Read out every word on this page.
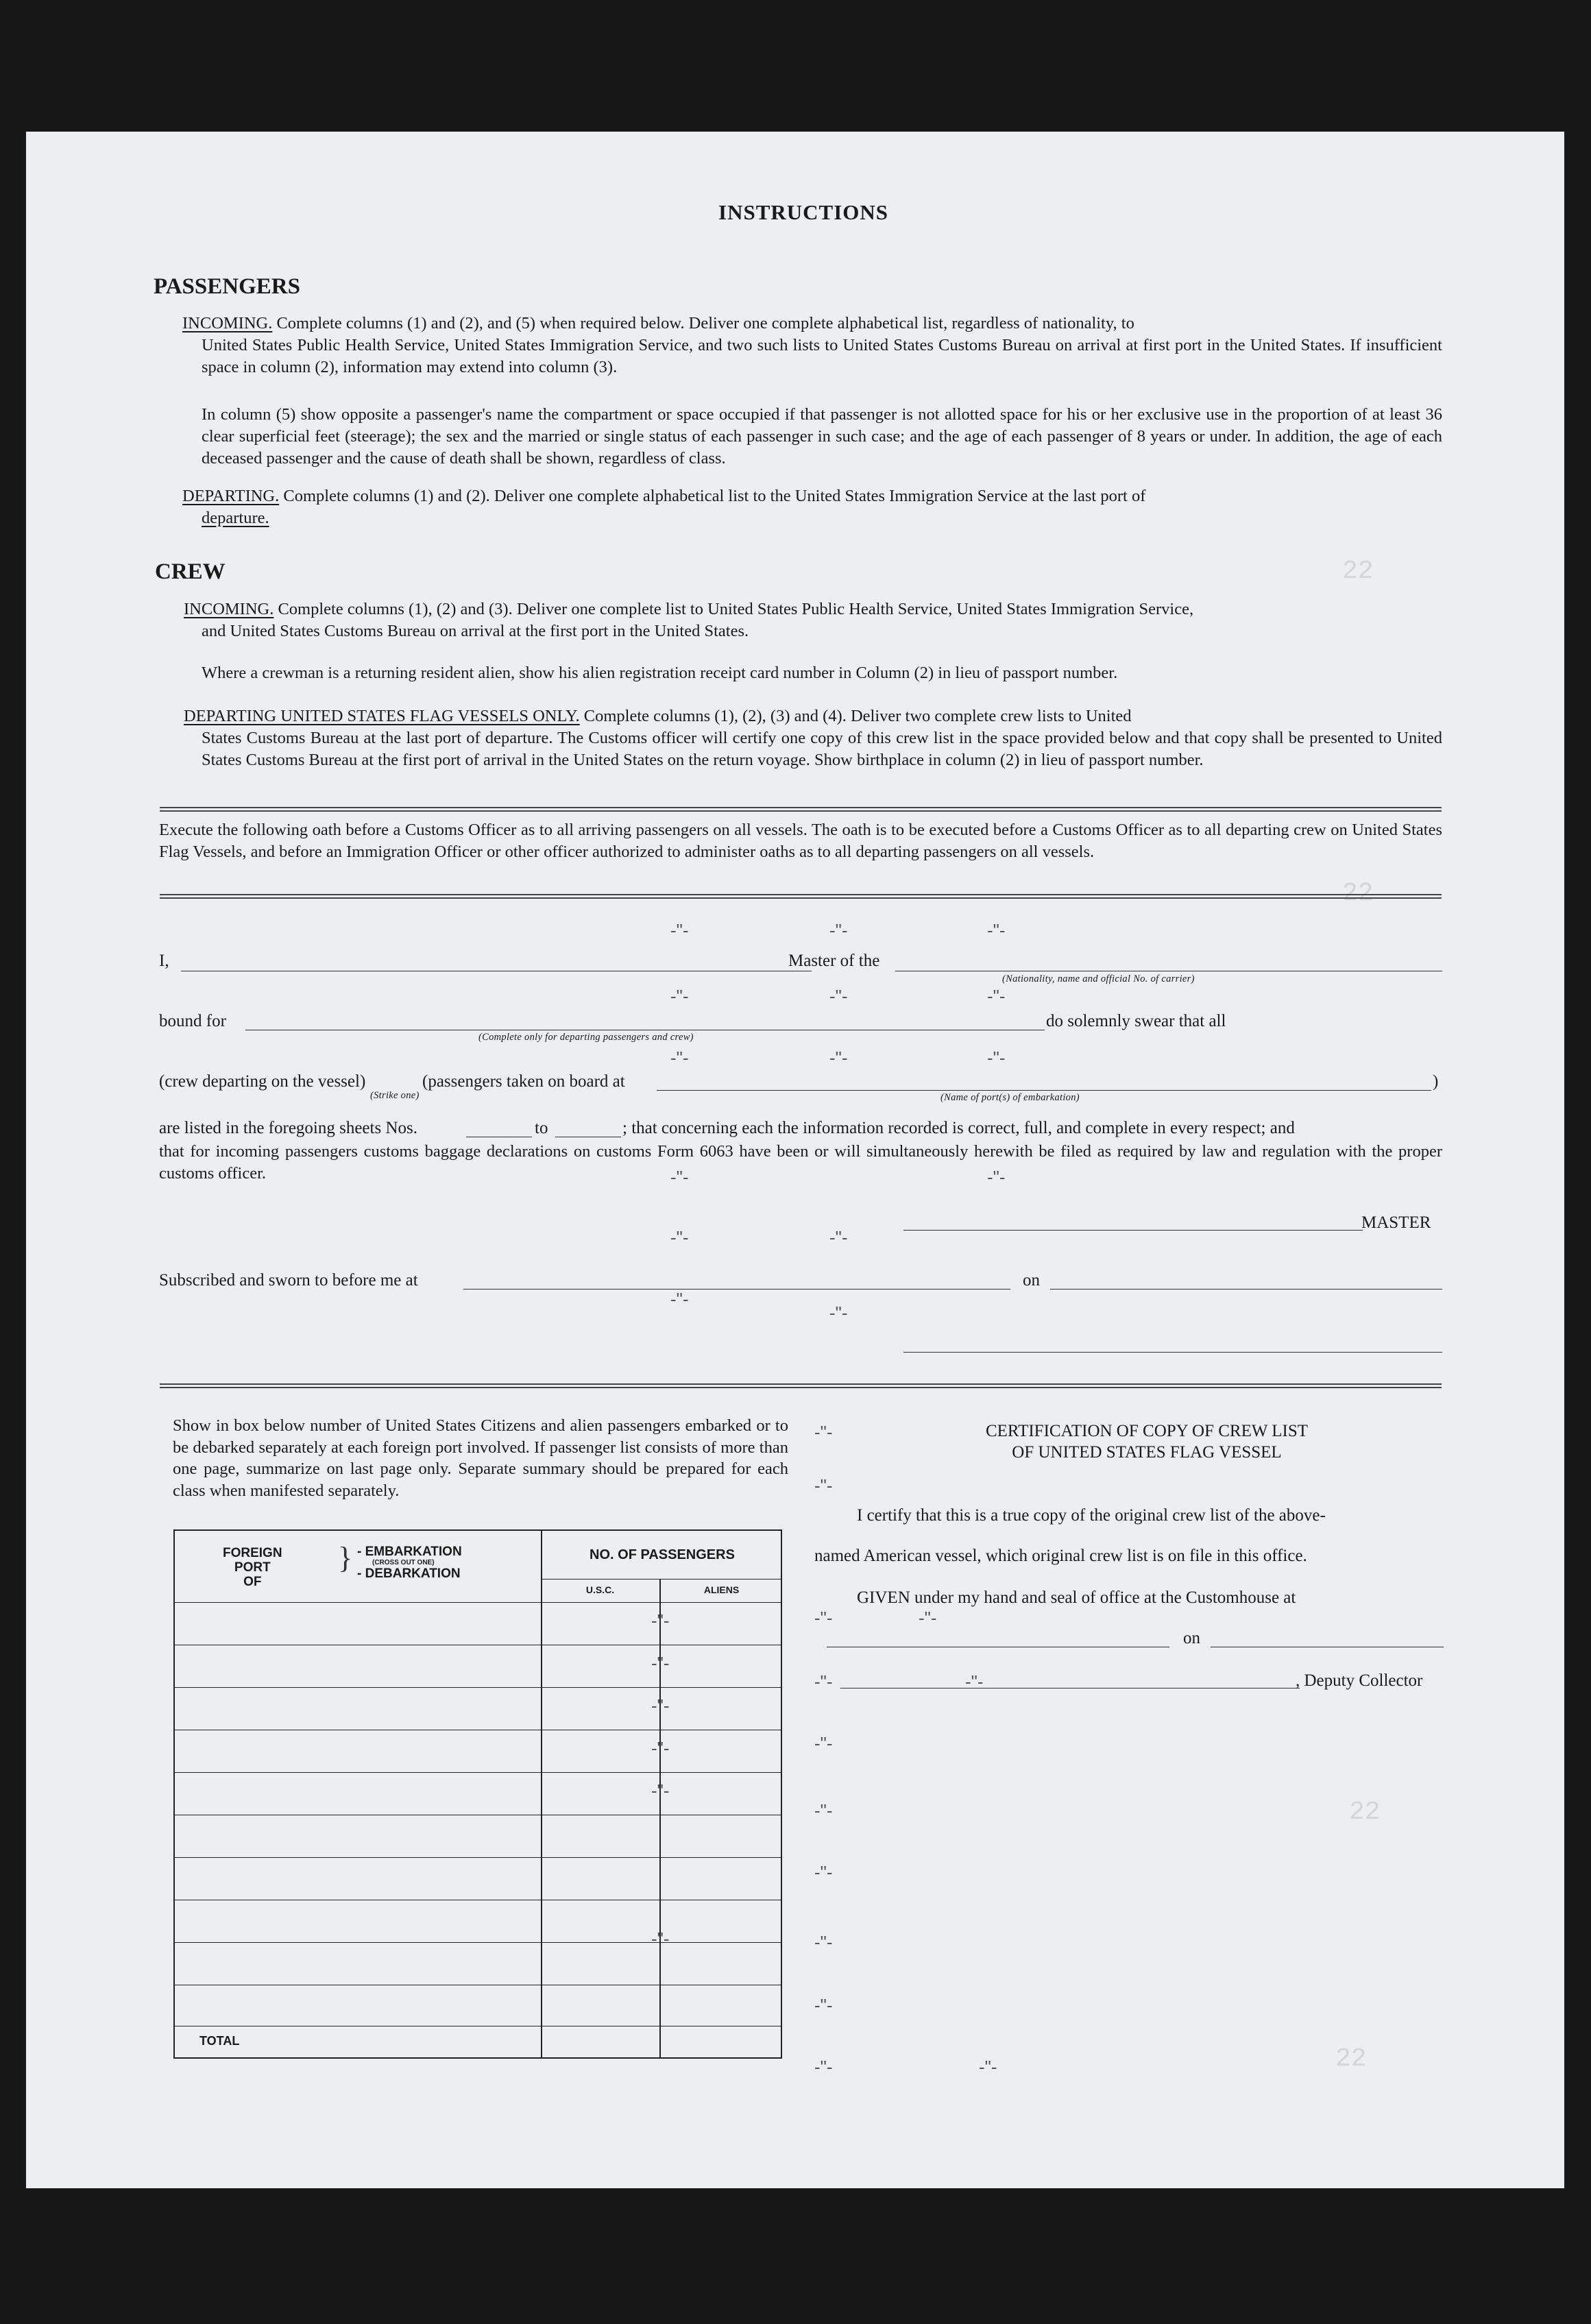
22
22
22
22
INSTRUCTIONS
PASSENGERS
INCOMING. Complete columns (1) and (2), and (5) when required below. Deliver one complete alphabetical list, regardless of nationality, to
United States Public Health Service, United States Immigration Service, and two such lists to United States Customs Bureau on arrival at first port in the United States. If insufficient space in column (2), information may extend into column (3).
In column (5) show opposite a passenger's name the compartment or space occupied if that passenger is not allotted space for his or her exclusive use in the proportion of at least 36 clear superficial feet (steerage); the sex and the married or single status of each passenger in such case; and the age of each passenger of 8 years or under. In addition, the age of each deceased passenger and the cause of death shall be shown, regardless of class.
DEPARTING. Complete columns (1) and (2). Deliver one complete alphabetical list to the United States Immigration Service at the last port of
departure.
CREW
INCOMING. Complete columns (1), (2) and (3). Deliver one complete list to United States Public Health Service, United States Immigration Service,
and United States Customs Bureau on arrival at the first port in the United States.
Where a crewman is a returning resident alien, show his alien registration receipt card number in Column (2) in lieu of passport number.
DEPARTING UNITED STATES FLAG VESSELS ONLY. Complete columns (1), (2), (3) and (4). Deliver two complete crew lists to United
States Customs Bureau at the last port of departure. The Customs officer will certify one copy of this crew list in the space provided below and that copy shall be presented to United States Customs Bureau at the first port of arrival in the United States on the return voyage. Show birthplace in column (2) in lieu of passport number.
Execute the following oath before a Customs Officer as to all arriving passengers on all vessels. The oath is to be executed before a Customs Officer as to all departing crew on United States Flag Vessels, and before an Immigration Officer or other officer authorized to administer oaths as to all departing passengers on all vessels.
I,	Master of the
(Nationality, name and official No. of carrier)
bound for	do solemnly swear that all
(Complete only for departing passengers and crew)
(crew departing on the vessel)	(passengers taken on board at	)
(Strike one)	(Name of port(s) of embarkation)
are listed in the foregoing sheets Nos.	to	; that concerning each the information recorded is correct, full, and complete in every respect; and
that for incoming passengers customs baggage declarations on customs Form 6063 have been or will simultaneously herewith be filed as required by law and regulation with the proper customs officer.
MASTER
Subscribed and sworn to before me at	on
Show in box below number of United States Citizens and alien passengers embarked or to be debarked separately at each foreign port involved. If passenger list consists of more than one page, summarize on last page only. Separate summary should be prepared for each class when manifested separately.
FOREIGN
PORT
OF
} - EMBARKATION
(CROSS OUT ONE)
- DEBARKATION
NO. OF PASSENGERS
U.S.C.	ALIENS
TOTAL
-"-
-"-
-"-
-"-
-"-
-"-
-"-	-"-	-"-
-"-	-"-	-"-
-"-	-"-	-"-
-"-	-"-
-"-	-"-
-"-
-"-
-"-	CERTIFICATION OF COPY OF CREW LIST
OF UNITED STATES FLAG VESSEL
-"-
I certify that this is a true copy of the original crew list of the above-
named American vessel, which original crew list is on file in this office.
GIVEN under my hand and seal of office at the Customhouse at
-"-	-"-
on
-"-	-"-	, Deputy Collector
-"-
-"-
-"-
-"-
-"-
-"-	-"-
